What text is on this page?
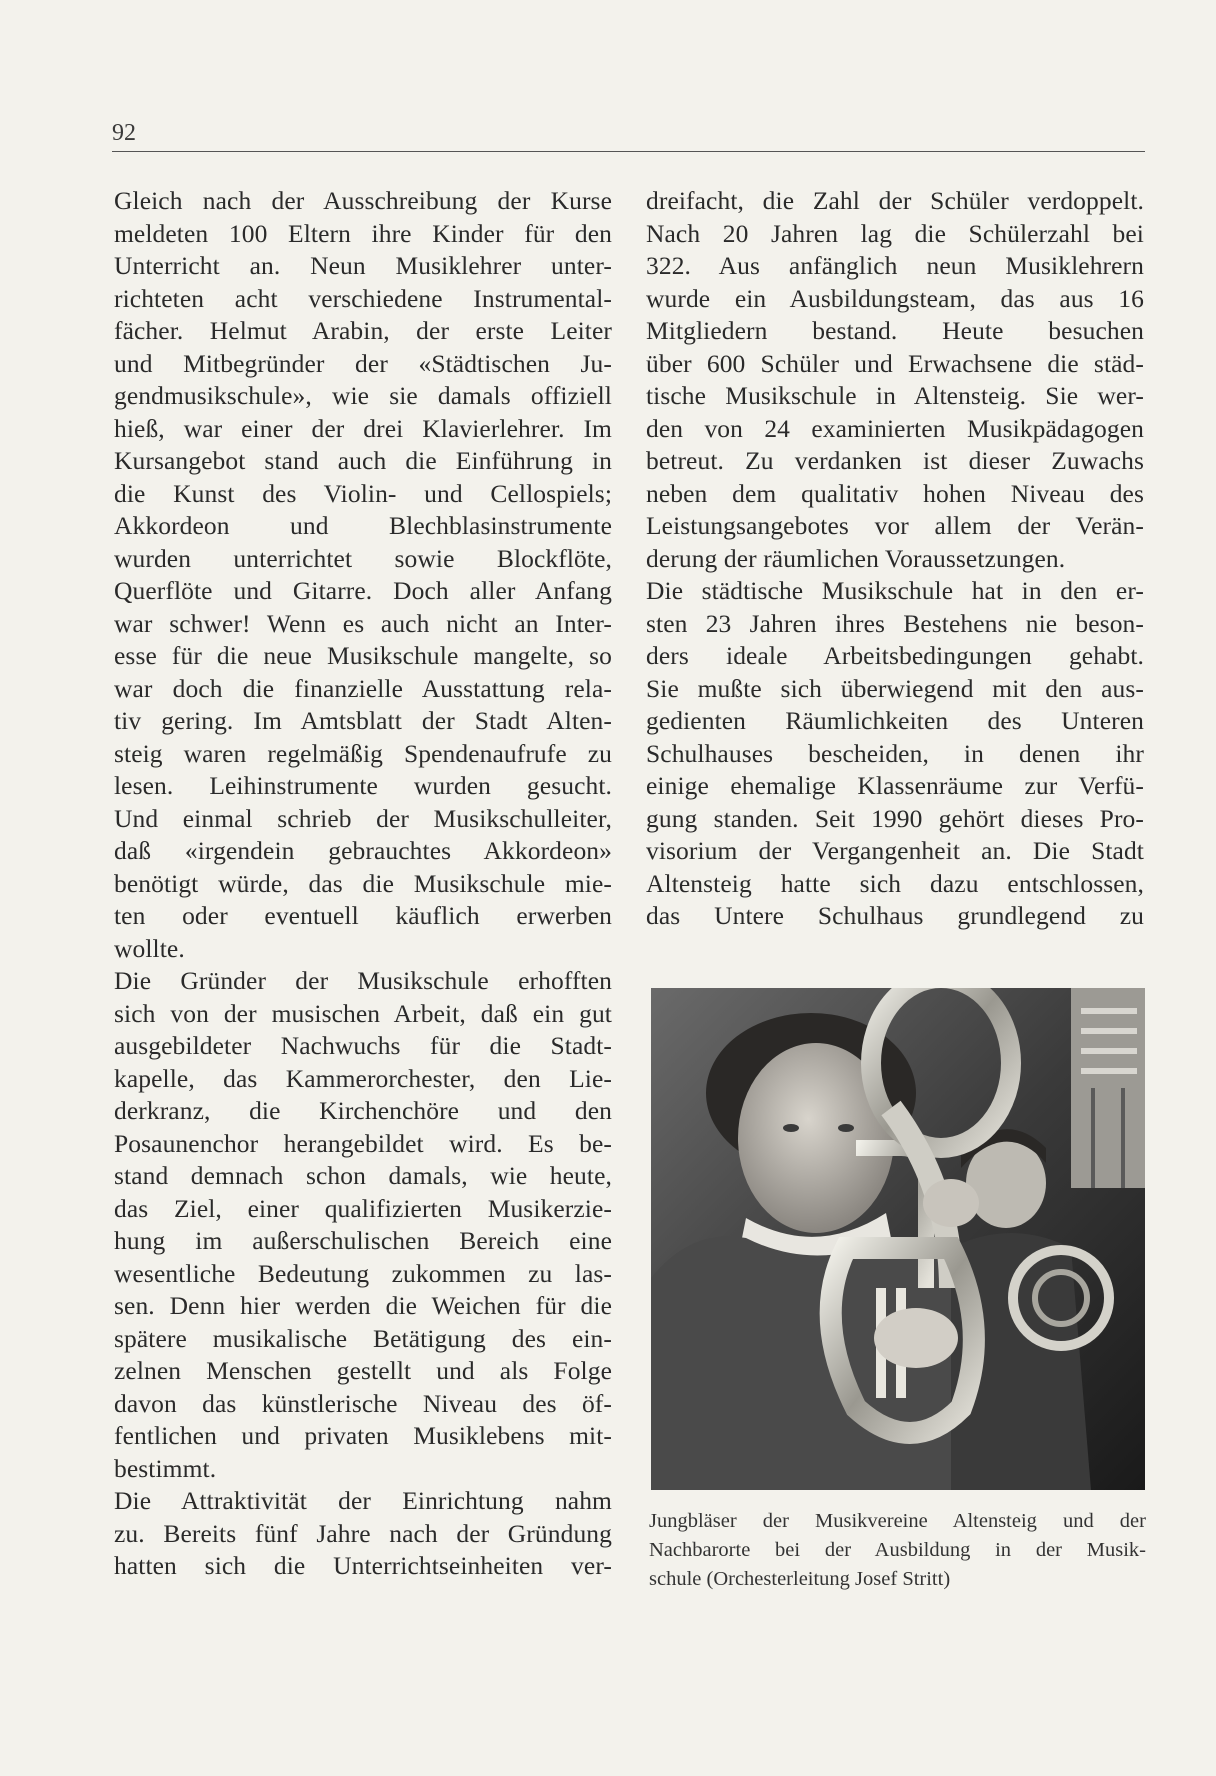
92
Gleich nach der Ausschreibung der Kurse
meldeten 100 Eltern ihre Kinder für den
Unterricht an. Neun Musiklehrer unter-
richteten acht verschiedene Instrumental-
fächer. Helmut Arabin, der erste Leiter
und Mitbegründer der «Städtischen Ju-
gendmusikschule», wie sie damals offiziell
hieß, war einer der drei Klavierlehrer. Im
Kursangebot stand auch die Einführung in
die Kunst des Violin- und Cellospiels;
Akkordeon und Blechblasinstrumente
wurden unterrichtet sowie Blockflöte,
Querflöte und Gitarre. Doch aller Anfang
war schwer! Wenn es auch nicht an Inter-
esse für die neue Musikschule mangelte, so
war doch die finanzielle Ausstattung rela-
tiv gering. Im Amtsblatt der Stadt Alten-
steig waren regelmäßig Spendenaufrufe zu
lesen. Leihinstrumente wurden gesucht.
Und einmal schrieb der Musikschulleiter,
daß «irgendein gebrauchtes Akkordeon»
benötigt würde, das die Musikschule mie-
ten oder eventuell käuflich erwerben
wollte.
Die Gründer der Musikschule erhofften
sich von der musischen Arbeit, daß ein gut
ausgebildeter Nachwuchs für die Stadt-
kapelle, das Kammerorchester, den Lie-
derkranz, die Kirchenchöre und den
Posaunenchor herangebildet wird. Es be-
stand demnach schon damals, wie heute,
das Ziel, einer qualifizierten Musikerzie-
hung im außerschulischen Bereich eine
wesentliche Bedeutung zukommen zu las-
sen. Denn hier werden die Weichen für die
spätere musikalische Betätigung des ein-
zelnen Menschen gestellt und als Folge
davon das künstlerische Niveau des öf-
fentlichen und privaten Musiklebens mit-
bestimmt.
Die Attraktivität der Einrichtung nahm
zu. Bereits fünf Jahre nach der Gründung
hatten sich die Unterrichtseinheiten ver-
dreifacht, die Zahl der Schüler verdoppelt.
Nach 20 Jahren lag die Schülerzahl bei
322. Aus anfänglich neun Musiklehrern
wurde ein Ausbildungsteam, das aus 16
Mitgliedern bestand. Heute besuchen
über 600 Schüler und Erwachsene die städ-
tische Musikschule in Altensteig. Sie wer-
den von 24 examinierten Musikpädagogen
betreut. Zu verdanken ist dieser Zuwachs
neben dem qualitativ hohen Niveau des
Leistungsangebotes vor allem der Verän-
derung der räumlichen Voraussetzungen.
Die städtische Musikschule hat in den er-
sten 23 Jahren ihres Bestehens nie beson-
ders ideale Arbeitsbedingungen gehabt.
Sie mußte sich überwiegend mit den aus-
gedienten Räumlichkeiten des Unteren
Schulhauses bescheiden, in denen ihr
einige ehemalige Klassenräume zur Verfü-
gung standen. Seit 1990 gehört dieses Pro-
visorium der Vergangenheit an. Die Stadt
Altensteig hatte sich dazu entschlossen,
das Untere Schulhaus grundlegend zu
Jungbläser der Musikvereine Altensteig und der
Nachbarorte bei der Ausbildung in der Musik-
schule (Orchesterleitung Josef Stritt)
